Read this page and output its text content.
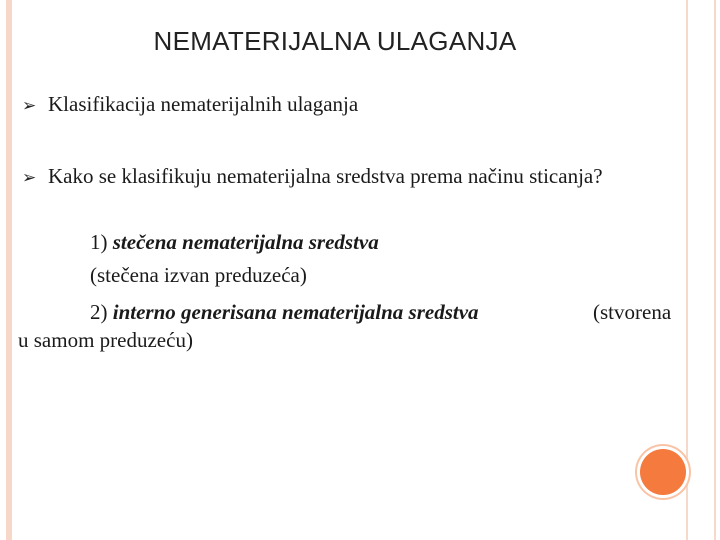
NEMATERIJALNA ULAGANJA
➢ Klasifikacija nematerijalnih ulaganja
➢ Kako se klasifikuju nematerijalna sredstva prema načinu sticanja?
1) stečena nematerijalna sredstva
(stečena izvan preduzeća)
2) interno generisana nematerijalna sredstva	(stvorena
u samom preduzeću)
